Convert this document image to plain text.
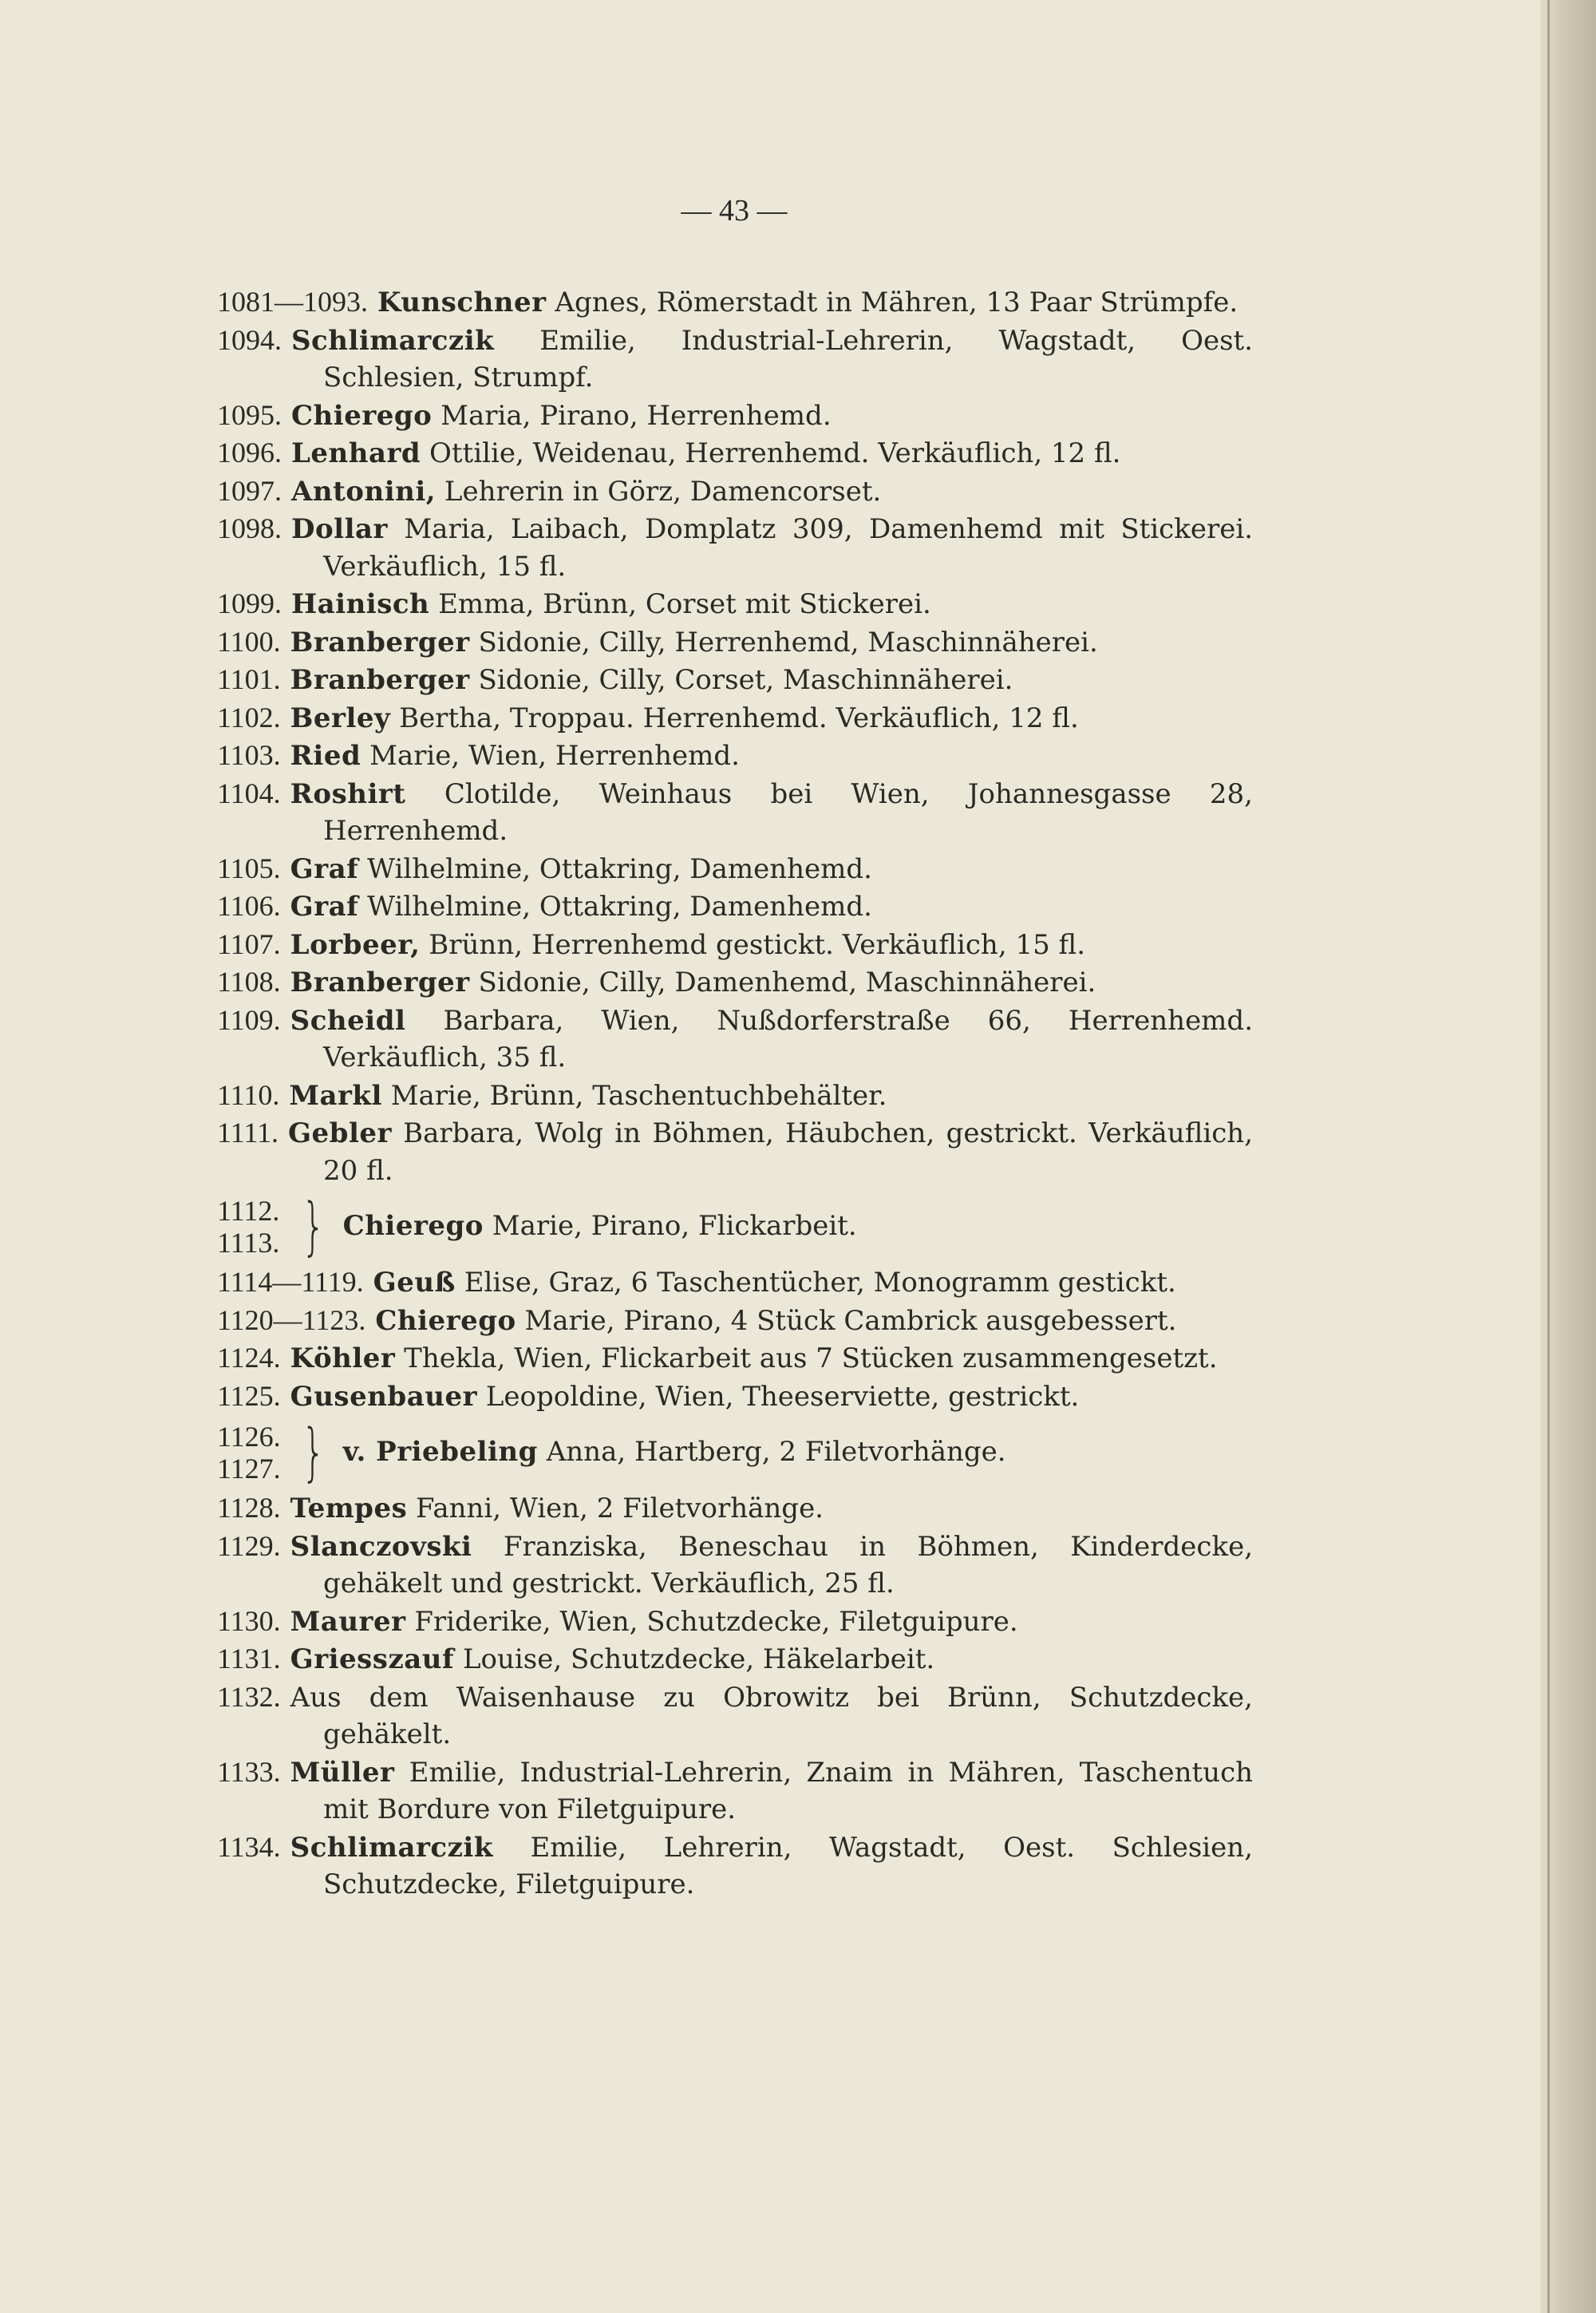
— 43 —
1081—1093. Kunschner Agnes, Römerstadt in Mähren, 13 Paar Strümpfe.
1094. Schlimarczik Emilie, Industrial-Lehrerin, Wagstadt, Oest. Schlesien, Strumpf.
1095. Chierego Maria, Pirano, Herrenhemd.
1096. Lenhard Ottilie, Weidenau, Herrenhemd. Verkäuflich, 12 fl.
1097. Antonini, Lehrerin in Görz, Damencorset.
1098. Dollar Maria, Laibach, Domplatz 309, Damenhemd mit Stickerei. Verkäuflich, 15 fl.
1099. Hainisch Emma, Brünn, Corset mit Stickerei.
1100. Branberger Sidonie, Cilly, Herrenhemd, Maschinnäherei.
1101. Branberger Sidonie, Cilly, Corset, Maschinnäherei.
1102. Berley Bertha, Troppau. Herrenhemd. Verkäuflich, 12 fl.
1103. Ried Marie, Wien, Herrenhemd.
1104. Roshirt Clotilde, Weinhaus bei Wien, Johannesgasse 28, Herrenhemd.
1105. Graf Wilhelmine, Ottakring, Damenhemd.
1106. Graf Wilhelmine, Ottakring, Damenhemd.
1107. Lorbeer, Brünn, Herrenhemd gestickt. Verkäuflich, 15 fl.
1108. Branberger Sidonie, Cilly, Damenhemd, Maschinnäherei.
1109. Scheidl Barbara, Wien, Nußdorferstraße 66, Herrenhemd. Verkäuflich, 35 fl.
1110. Markl Marie, Brünn, Taschentuchbehälter.
1111. Gebler Barbara, Wolg in Böhmen, Häubchen, gestrickt. Verkäuflich, 20 fl.
1112.
1113. } Chierego Marie, Pirano, Flickarbeit.
1114—1119. Geuß Elise, Graz, 6 Taschentücher, Monogramm gestickt.
1120—1123. Chierego Marie, Pirano, 4 Stück Cambrick ausgebessert.
1124. Köhler Thekla, Wien, Flickarbeit aus 7 Stücken zusammengesetzt.
1125. Gusenbauer Leopoldine, Wien, Theeserviette, gestrickt.
1126.
1127. } v. Priebeling Anna, Hartberg, 2 Filetvorhänge.
1128. Tempes Fanni, Wien, 2 Filetvorhänge.
1129. Slanczovski Franziska, Beneschau in Böhmen, Kinderdecke, gehäkelt und gestrickt. Verkäuflich, 25 fl.
1130. Maurer Friderike, Wien, Schutzdecke, Filetguipure.
1131. Griesszauf Louise, Schutzdecke, Häkelarbeit.
1132. Aus dem Waisenhause zu Obrowitz bei Brünn, Schutzdecke, gehäkelt.
1133. Müller Emilie, Industrial-Lehrerin, Znaim in Mähren, Taschentuch mit Bordure von Filetguipure.
1134. Schlimarczik Emilie, Lehrerin, Wagstadt, Oest. Schlesien, Schutzdecke, Filetguipure.
